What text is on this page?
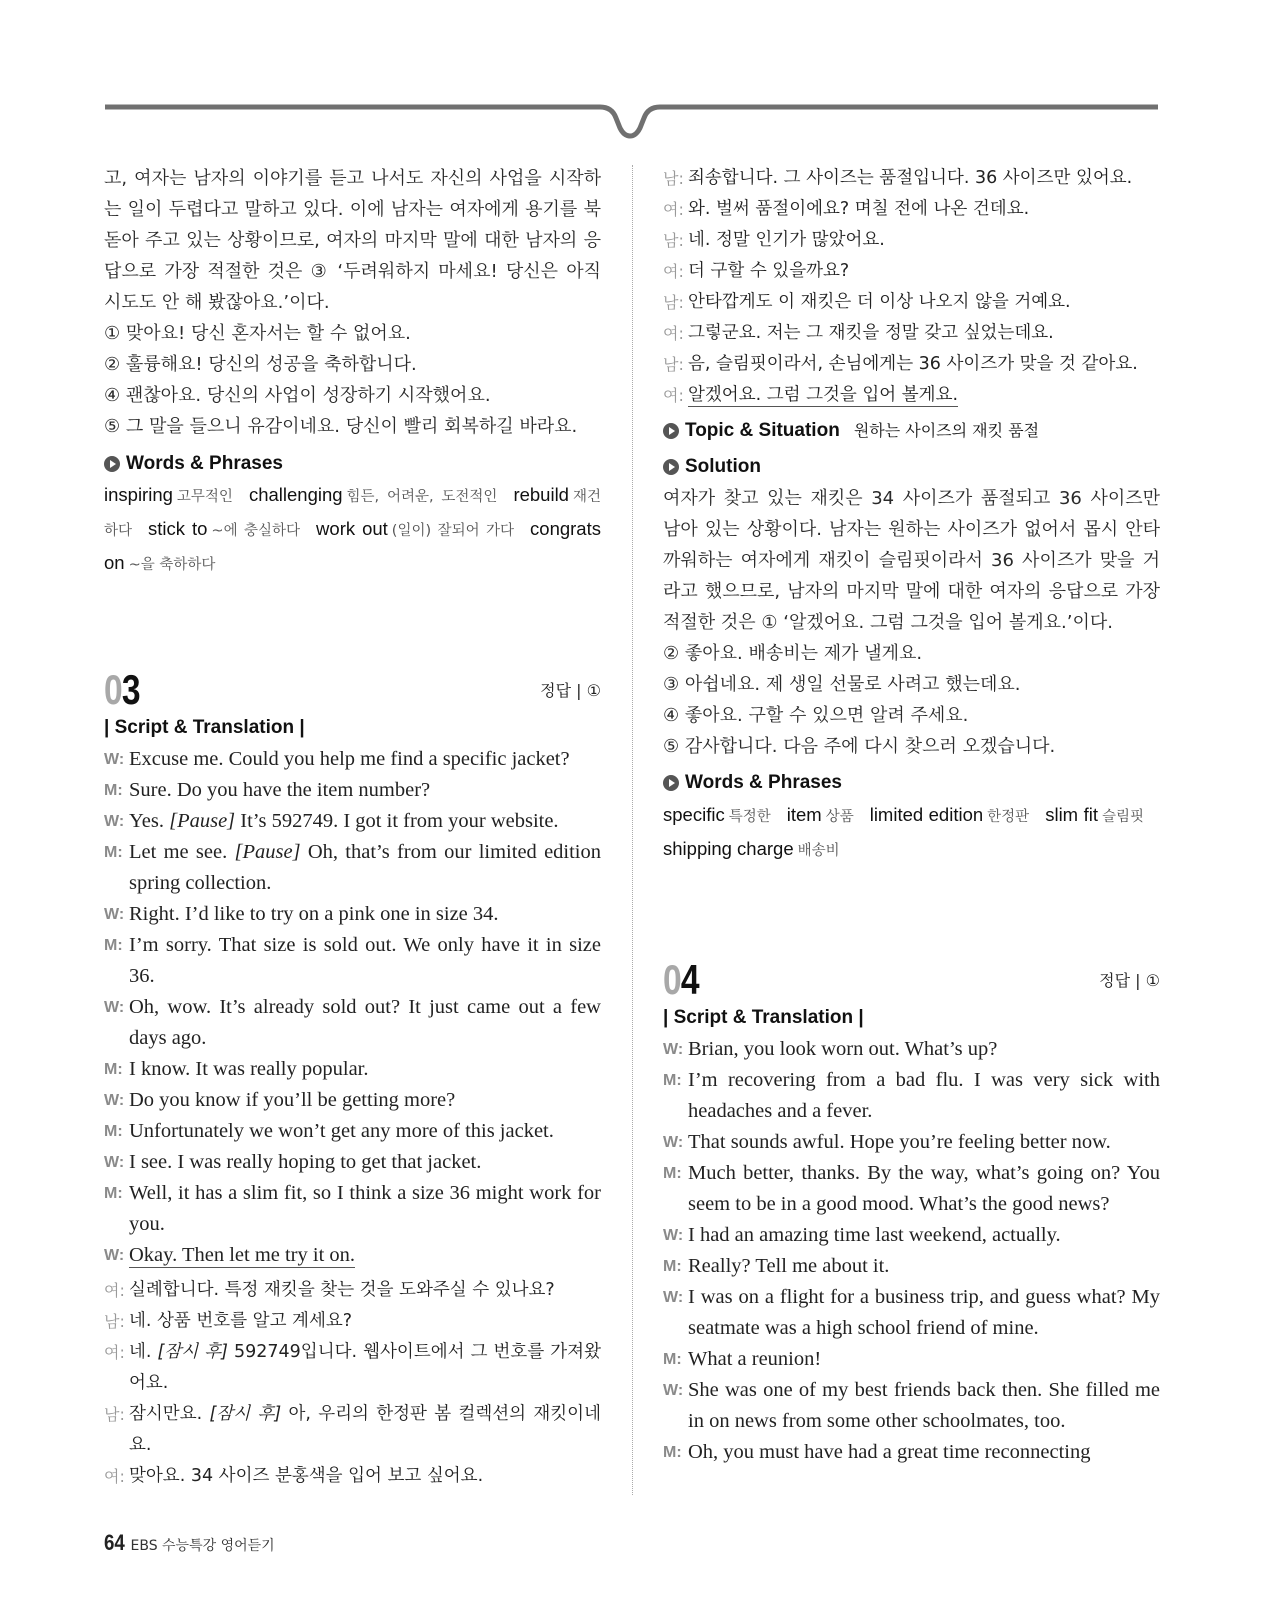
고, 여자는 남자의 이야기를 듣고 나서도 자신의 사업을 시작하는 일이 두렵다고 말하고 있다. 이에 남자는 여자에게 용기를 북돋아 주고 있는 상황이므로, 여자의 마지막 말에 대한 남자의 응답으로 가장 적절한 것은 ③ ‘두려워하지 마세요! 당신은 아직 시도도 안 해 봤잖아요.’이다.
① 맞아요! 당신 혼자서는 할 수 없어요.
② 훌륭해요! 당신의 성공을 축하합니다.
④ 괜찮아요. 당신의 사업이 성장하기 시작했어요.
⑤ 그 말을 들으니 유감이네요. 당신이 빨리 회복하길 바라요.
Words & Phrases
inspiring 고무적인 challenging 힘든, 어려운, 도전적인 rebuild 재건하다 stick to ~에 충실하다 work out (일이) 잘되어 가다 congrats on ~을 축하하다
03	정답 | ①
| Script & Translation |
W: Excuse me. Could you help me find a specific jacket?
M: Sure. Do you have the item number?
W: Yes. [Pause] It’s 592749. I got it from your website.
M: Let me see. [Pause] Oh, that’s from our limited edition spring collection.
W: Right. I’d like to try on a pink one in size 34.
M: I’m sorry. That size is sold out. We only have it in size 36.
W: Oh, wow. It’s already sold out? It just came out a few days ago.
M: I know. It was really popular.
W: Do you know if you’ll be getting more?
M: Unfortunately we won’t get any more of this jacket.
W: I see. I was really hoping to get that jacket.
M: Well, it has a slim fit, so I think a size 36 might work for you.
W: Okay. Then let me try it on.
여: 실례합니다. 특정 재킷을 찾는 것을 도와주실 수 있나요?
남: 네. 상품 번호를 알고 계세요?
여: 네. [잠시 후] 592749입니다. 웹사이트에서 그 번호를 가져왔어요.
남: 잠시만요. [잠시 후] 아, 우리의 한정판 봄 컬렉션의 재킷이네요.
여: 맞아요. 34 사이즈 분홍색을 입어 보고 싶어요.
남: 죄송합니다. 그 사이즈는 품절입니다. 36 사이즈만 있어요.
여: 와. 벌써 품절이에요? 며칠 전에 나온 건데요.
남: 네. 정말 인기가 많았어요.
여: 더 구할 수 있을까요?
남: 안타깝게도 이 재킷은 더 이상 나오지 않을 거예요.
여: 그렇군요. 저는 그 재킷을 정말 갖고 싶었는데요.
남: 음, 슬림핏이라서, 손님에게는 36 사이즈가 맞을 것 같아요.
여: 알겠어요. 그럼 그것을 입어 볼게요.
Topic & Situation 원하는 사이즈의 재킷 품절
Solution
여자가 찾고 있는 재킷은 34 사이즈가 품절되고 36 사이즈만 남아 있는 상황이다. 남자는 원하는 사이즈가 없어서 몹시 안타까워하는 여자에게 재킷이 슬림핏이라서 36 사이즈가 맞을 거라고 했으므로, 남자의 마지막 말에 대한 여자의 응답으로 가장 적절한 것은 ① ‘알겠어요. 그럼 그것을 입어 볼게요.’이다.
② 좋아요. 배송비는 제가 낼게요.
③ 아쉽네요. 제 생일 선물로 사려고 했는데요.
④ 좋아요. 구할 수 있으면 알려 주세요.
⑤ 감사합니다. 다음 주에 다시 찾으러 오겠습니다.
Words & Phrases
specific 특정한 item 상품 limited edition 한정판 slim fit 슬림핏shipping charge 배송비
04	정답 | ①
| Script & Translation |
W: Brian, you look worn out. What’s up?
M: I’m recovering from a bad flu. I was very sick with headaches and a fever.
W: That sounds awful. Hope you’re feeling better now.
M: Much better, thanks. By the way, what’s going on? You seem to be in a good mood. What’s the good news?
W: I had an amazing time last weekend, actually.
M: Really? Tell me about it.
W: I was on a flight for a business trip, and guess what? My seatmate was a high school friend of mine.
M: What a reunion!
W: She was one of my best friends back then. She filled me in on news from some other schoolmates, too.
M: Oh, you must have had a great time reconnecting
64 EBS 수능특강 영어듣기
